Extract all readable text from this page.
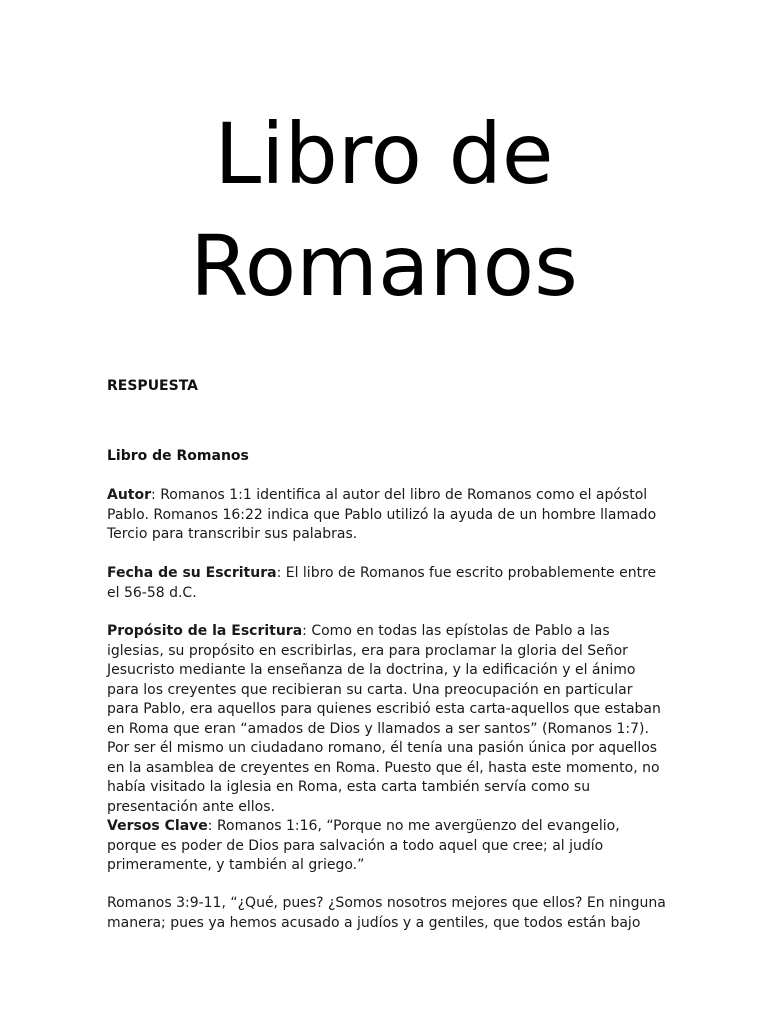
Libro de
Romanos

RESPUESTA

Libro de Romanos

Autor: Romanos 1:1 identifica al autor del libro de Romanos como el apóstol Pablo. Romanos 16:22 indica que Pablo utilizó la ayuda de un hombre llamado Tercio para transcribir sus palabras.

Fecha de su Escritura: El libro de Romanos fue escrito probablemente entre el 56-58 d.C.

Propósito de la Escritura: Como en todas las epístolas de Pablo a las iglesias, su propósito en escribirlas, era para proclamar la gloria del Señor Jesucristo mediante la enseñanza de la doctrina, y la edificación y el ánimo para los creyentes que recibieran su carta. Una preocupación en particular para Pablo, era aquellos para quienes escribió esta carta-aquellos que estaban en Roma que eran “amados de Dios y llamados a ser santos” (Romanos 1:7). Por ser él mismo un ciudadano romano, él tenía una pasión única por aquellos en la asamblea de creyentes en Roma. Puesto que él, hasta este momento, no había visitado la iglesia en Roma, esta carta también servía como su presentación ante ellos.

Versos Clave: Romanos 1:16, “Porque no me avergüenzo del evangelio, porque es poder de Dios para salvación a todo aquel que cree; al judío primeramente, y también al griego.”

Romanos 3:9-11, “¿Qué, pues? ¿Somos nosotros mejores que ellos? En ninguna manera; pues ya hemos acusado a judíos y a gentiles, que todos están bajo
